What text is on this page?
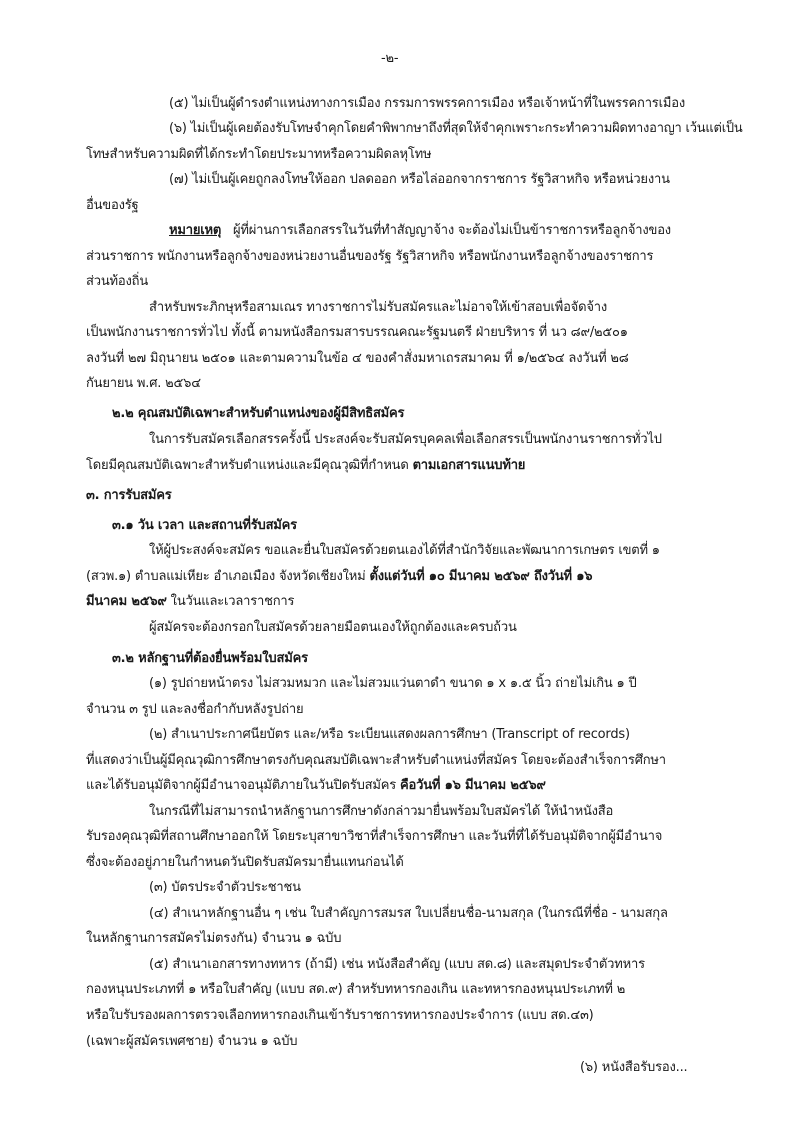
-๒-
(๕) ไม่เป็นผู้ดำรงตำแหน่งทางการเมือง กรรมการพรรคการเมือง หรือเจ้าหน้าที่ในพรรคการเมือง
(๖) ไม่เป็นผู้เคยต้องรับโทษจำคุกโดยคำพิพากษาถึงที่สุดให้จำคุกเพราะกระทำความผิดทางอาญา เว้นแต่เป็น
โทษสำหรับความผิดที่ได้กระทำโดยประมาทหรือความผิดลหุโทษ
(๗) ไม่เป็นผู้เคยถูกลงโทษให้ออก ปลดออก หรือไล่ออกจากราชการ รัฐวิสาหกิจ หรือหน่วยงาน
อื่นของรัฐ
หมายเหตุ ผู้ที่ผ่านการเลือกสรรในวันที่ทำสัญญาจ้าง จะต้องไม่เป็นข้าราชการหรือลูกจ้างของ
ส่วนราชการ พนักงานหรือลูกจ้างของหน่วยงานอื่นของรัฐ รัฐวิสาหกิจ หรือพนักงานหรือลูกจ้างของราชการ
ส่วนท้องถิ่น
สำหรับพระภิกษุหรือสามเณร ทางราชการไม่รับสมัครและไม่อาจให้เข้าสอบเพื่อจัดจ้าง
เป็นพนักงานราชการทั่วไป ทั้งนี้ ตามหนังสือกรมสารบรรณคณะรัฐมนตรี ฝ่ายบริหาร ที่ นว ๘๙/๒๕๐๑
ลงวันที่ ๒๗ มิถุนายน ๒๕๐๑ และตามความในข้อ ๔ ของคำสั่งมหาเถรสมาคม ที่ ๑/๒๕๖๔ ลงวันที่ ๒๘
กันยายน พ.ศ. ๒๕๖๔
๒.๒ คุณสมบัติเฉพาะสำหรับตำแหน่งของผู้มีสิทธิสมัคร
ในการรับสมัครเลือกสรรครั้งนี้ ประสงค์จะรับสมัครบุคคลเพื่อเลือกสรรเป็นพนักงานราชการทั่วไป
โดยมีคุณสมบัติเฉพาะสำหรับตำแหน่งและมีคุณวุฒิที่กำหนด ตามเอกสารแนบท้าย
๓. การรับสมัคร
๓.๑ วัน เวลา และสถานที่รับสมัคร
ให้ผู้ประสงค์จะสมัคร ขอและยื่นใบสมัครด้วยตนเองได้ที่สำนักวิจัยและพัฒนาการเกษตร เขตที่ ๑
(สวพ.๑) ตำบลแม่เหียะ อำเภอเมือง จังหวัดเชียงใหม่ ตั้งแต่วันที่ ๑๐ มีนาคม ๒๕๖๙ ถึงวันที่ ๑๖
มีนาคม ๒๕๖๙ ในวันและเวลาราชการ
ผู้สมัครจะต้องกรอกใบสมัครด้วยลายมือตนเองให้ถูกต้องและครบถ้วน
๓.๒ หลักฐานที่ต้องยื่นพร้อมใบสมัคร
(๑) รูปถ่ายหน้าตรง ไม่สวมหมวก และไม่สวมแว่นตาดำ ขนาด ๑ x ๑.๕ นิ้ว ถ่ายไม่เกิน ๑ ปี
จำนวน ๓ รูป และลงชื่อกำกับหลังรูปถ่าย
(๒) สำเนาประกาศนียบัตร และ/หรือ ระเบียนแสดงผลการศึกษา (Transcript of records)
ที่แสดงว่าเป็นผู้มีคุณวุฒิการศึกษาตรงกับคุณสมบัติเฉพาะสำหรับตำแหน่งที่สมัคร โดยจะต้องสำเร็จการศึกษา
และได้รับอนุมัติจากผู้มีอำนาจอนุมัติภายในวันปิดรับสมัคร คือวันที่ ๑๖ มีนาคม ๒๕๖๙
ในกรณีที่ไม่สามารถนำหลักฐานการศึกษาดังกล่าวมายื่นพร้อมใบสมัครได้ ให้นำหนังสือ
รับรองคุณวุฒิที่สถานศึกษาออกให้ โดยระบุสาขาวิชาที่สำเร็จการศึกษา และวันที่ที่ได้รับอนุมัติจากผู้มีอำนาจ
ซึ่งจะต้องอยู่ภายในกำหนดวันปิดรับสมัครมายื่นแทนก่อนได้
(๓) บัตรประจำตัวประชาชน
(๔) สำเนาหลักฐานอื่น ๆ เช่น ใบสำคัญการสมรส ใบเปลี่ยนชื่อ-นามสกุล (ในกรณีที่ชื่อ - นามสกุล
ในหลักฐานการสมัครไม่ตรงกัน) จำนวน ๑ ฉบับ
(๕) สำเนาเอกสารทางทหาร (ถ้ามี) เช่น หนังสือสำคัญ (แบบ สด.๘) และสมุดประจำตัวทหาร
กองหนุนประเภทที่ ๑ หรือใบสำคัญ (แบบ สด.๙) สำหรับทหารกองเกิน และทหารกองหนุนประเภทที่ ๒
หรือใบรับรองผลการตรวจเลือกทหารกองเกินเข้ารับราชการทหารกองประจำการ (แบบ สด.๔๓)
(เฉพาะผู้สมัครเพศชาย) จำนวน ๑ ฉบับ
(๖) หนังสือรับรอง...
